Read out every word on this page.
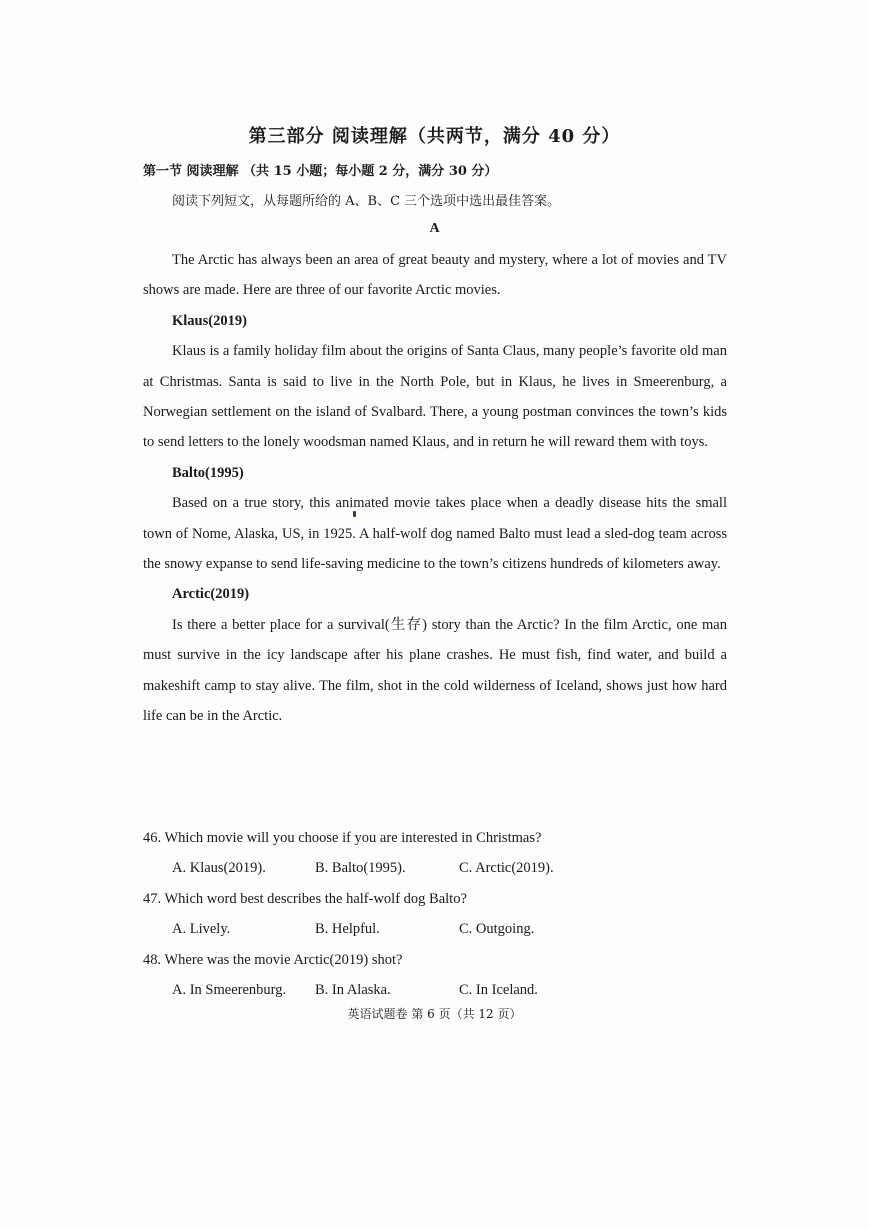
第三部分 阅读理解（共两节，满分 40 分）
第一节 阅读理解 （共 15 小题；每小题 2 分，满分 30 分）
阅读下列短文，从每题所给的 A、B、C 三个选项中选出最佳答案。
A

The Arctic has always been an area of great beauty and mystery, where a lot of movies and TV shows are made. Here are three of our favorite Arctic movies.

Klaus(2019)

Klaus is a family holiday film about the origins of Santa Claus, many people’s favorite old man at Christmas. Santa is said to live in the North Pole, but in Klaus, he lives in Smeerenburg, a Norwegian settlement on the island of Svalbard. There, a young postman convinces the town’s kids to send letters to the lonely woodsman named Klaus, and in return he will reward them with toys.

Balto(1995)

Based on a true story, this animated movie takes place when a deadly disease hits the small town of Nome, Alaska, US, in 1925. A half-wolf dog named Balto must lead a sled-dog team across the snowy expanse to send life-saving medicine to the town’s citizens hundreds of kilometers away.

Arctic(2019)

Is there a better place for a survival(生存) story than the Arctic? In the film Arctic, one man must survive in the icy landscape after his plane crashes. He must fish, find water, and build a makeshift camp to stay alive. The film, shot in the cold wilderness of Iceland, shows just how hard life can be in the Arctic.

46. Which movie will you choose if you are interested in Christmas?
A. Klaus(2019).	B. Balto(1995).	C. Arctic(2019).
47. Which word best describes the half-wolf dog Balto?
A. Lively.	B. Helpful.	C. Outgoing.
48. Where was the movie Arctic(2019) shot?
A. In Smeerenburg. B. In Alaska.	C. In Iceland.
英语试题卷 第 6 页（共 12 页）
